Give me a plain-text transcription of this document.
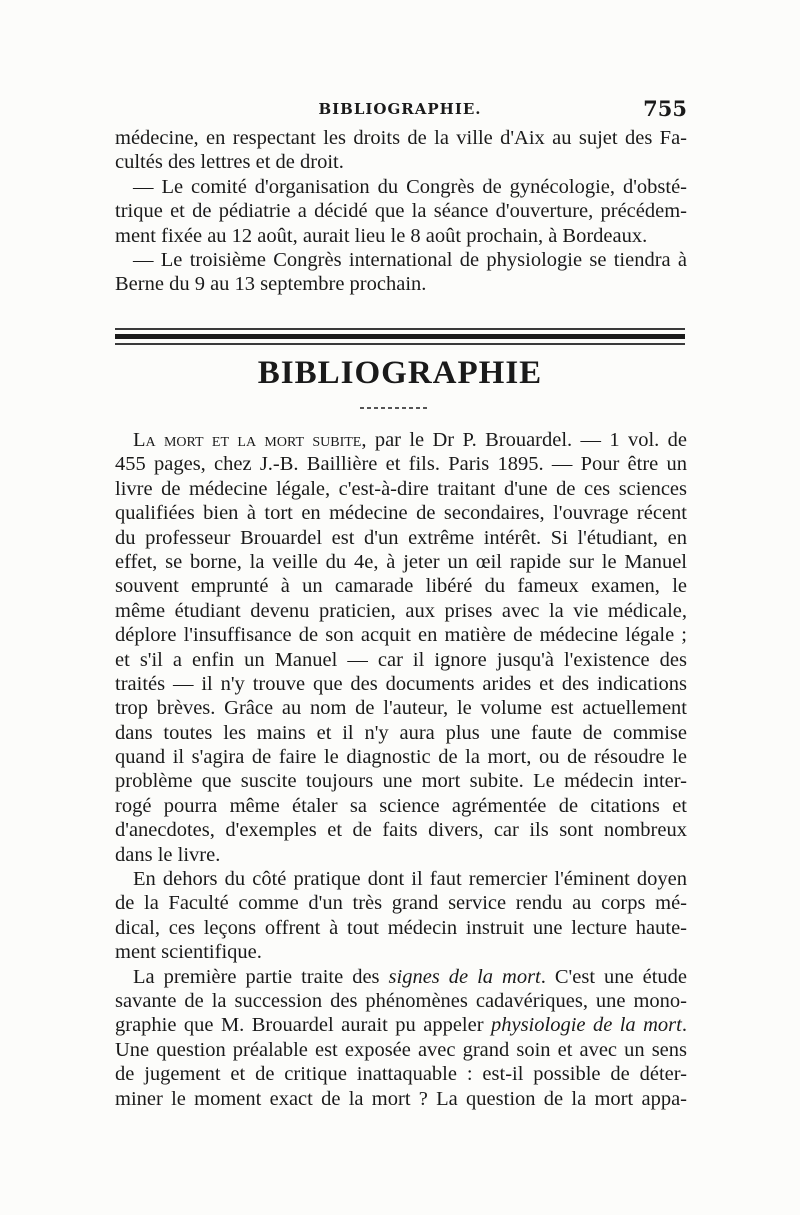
BIBLIOGRAPHIE.	755
médecine, en respectant les droits de la ville d'Aix au sujet des Fa-
cultés des lettres et de droit.
— Le comité d'organisation du Congrès de gynécologie, d'obsté-
trique et de pédiatrie a décidé que la séance d'ouverture, précédem-
ment fixée au 12 août, aurait lieu le 8 août prochain, à Bordeaux.
— Le troisième Congrès international de physiologie se tiendra à
Berne du 9 au 13 septembre prochain.
BIBLIOGRAPHIE
La mort et la mort subite, par le Dr P. Brouardel. — 1 vol. de
455 pages, chez J.-B. Baillière et fils. Paris 1895. — Pour être un
livre de médecine légale, c'est-à-dire traitant d'une de ces sciences
qualifiées bien à tort en médecine de secondaires, l'ouvrage récent
du professeur Brouardel est d'un extrême intérêt. Si l'étudiant, en
effet, se borne, la veille du 4e, à jeter un œil rapide sur le Manuel
souvent emprunté à un camarade libéré du fameux examen, le
même étudiant devenu praticien, aux prises avec la vie médicale,
déplore l'insuffisance de son acquit en matière de médecine légale ;
et s'il a enfin un Manuel — car il ignore jusqu'à l'existence des
traités — il n'y trouve que des documents arides et des indications
trop brèves. Grâce au nom de l'auteur, le volume est actuellement
dans toutes les mains et il n'y aura plus une faute de commise
quand il s'agira de faire le diagnostic de la mort, ou de résoudre le
problème que suscite toujours une mort subite. Le médecin inter-
rogé pourra même étaler sa science agrémentée de citations et
d'anecdotes, d'exemples et de faits divers, car ils sont nombreux
dans le livre.
En dehors du côté pratique dont il faut remercier l'éminent doyen
de la Faculté comme d'un très grand service rendu au corps mé-
dical, ces leçons offrent à tout médecin instruit une lecture haute-
ment scientifique.
La première partie traite des signes de la mort. C'est une étude
savante de la succession des phénomènes cadavériques, une mono-
graphie que M. Brouardel aurait pu appeler physiologie de la mort.
Une question préalable est exposée avec grand soin et avec un sens
de jugement et de critique inattaquable : est-il possible de déter-
miner le moment exact de la mort ? La question de la mort appa-
